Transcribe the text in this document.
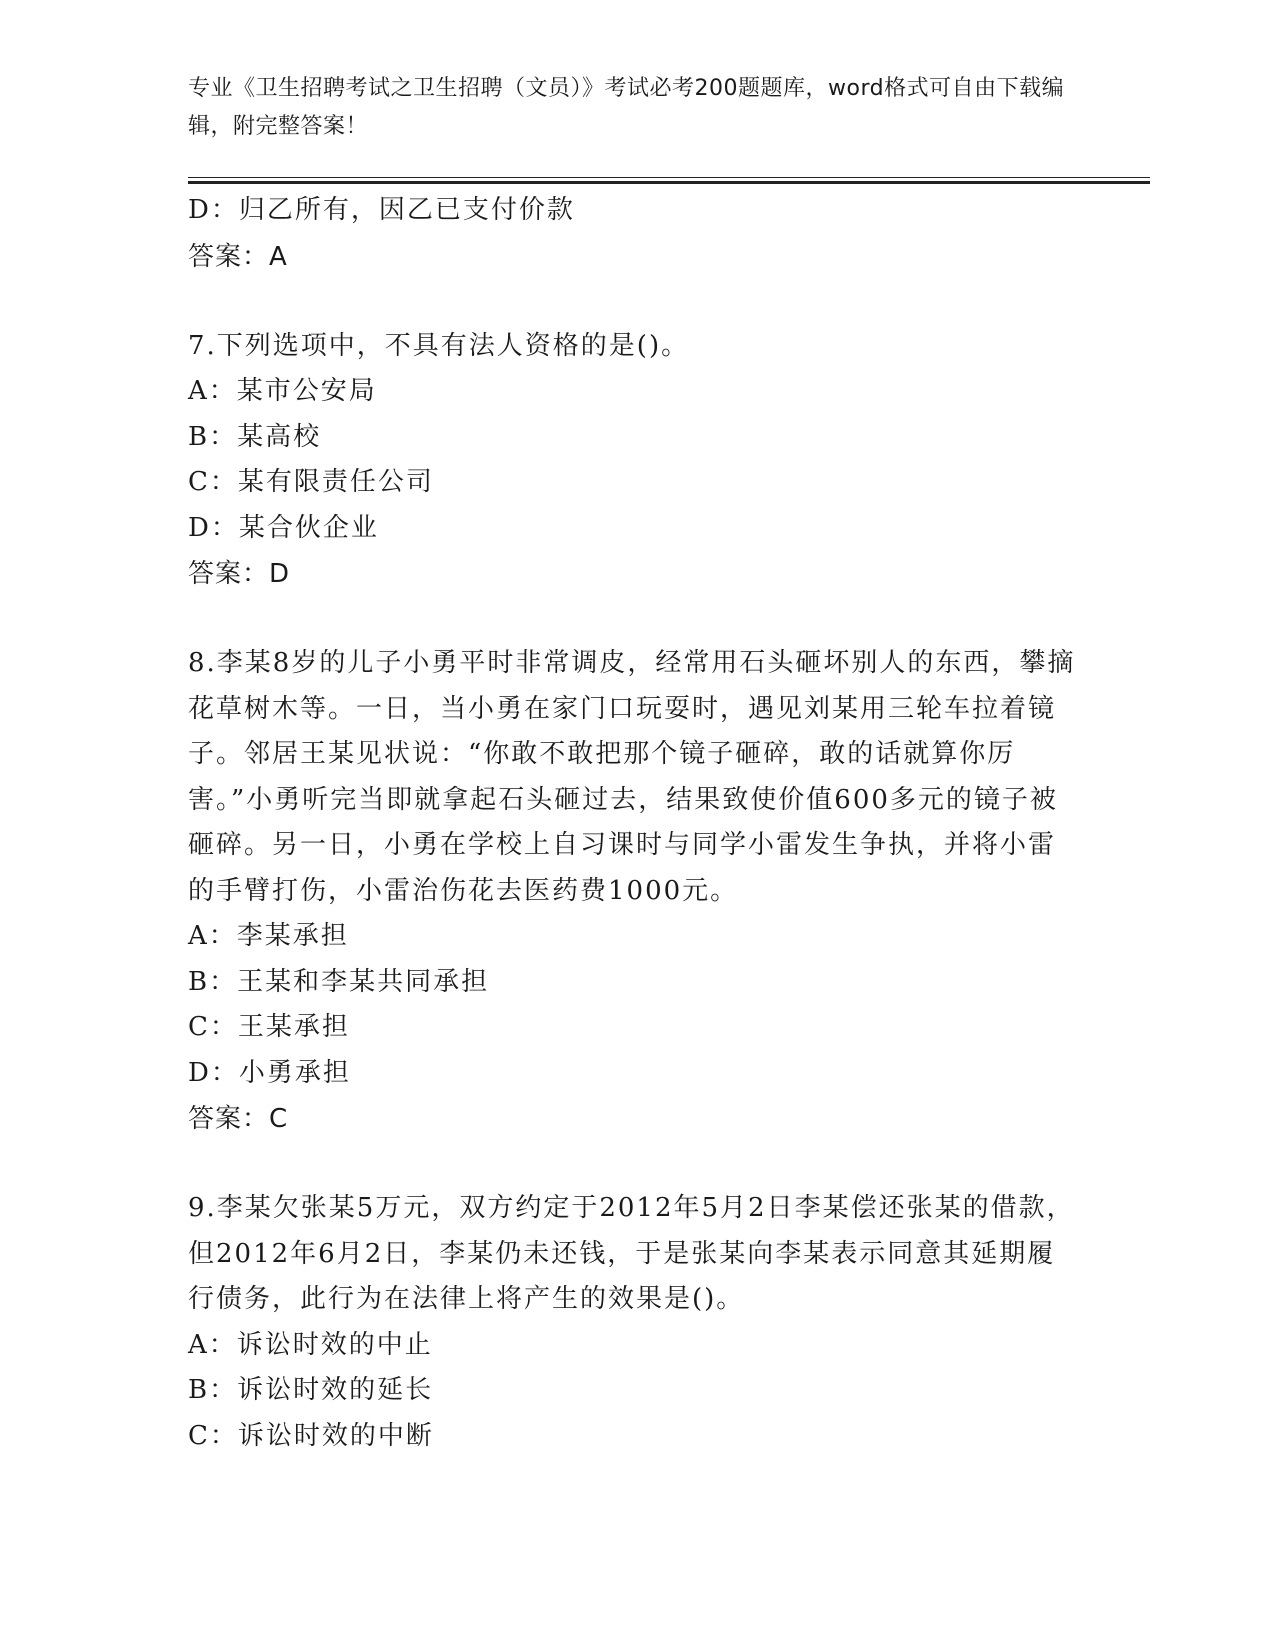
专业《卫生招聘考试之卫生招聘（文员）》考试必考200题题库，word格式可自由下载编辑，附完整答案！
D：归乙所有，因乙已支付价款
答案：A
7.下列选项中，不具有法人资格的是()。
A：某市公安局
B：某高校
C：某有限责任公司
D：某合伙企业
答案：D
8.李某8岁的儿子小勇平时非常调皮，经常用石头砸坏别人的东西，攀摘花草树木等。一日，当小勇在家门口玩耍时，遇见刘某用三轮车拉着镜子。邻居王某见状说：“你敢不敢把那个镜子砸碎，敢的话就算你厉害。”小勇听完当即就拿起石头砸过去，结果致使价值600多元的镜子被砸碎。另一日，小勇在学校上自习课时与同学小雷发生争执，并将小雷的手臂打伤，小雷治伤花去医药费1000元。
A：李某承担
B：王某和李某共同承担
C：王某承担
D：小勇承担
答案：C
9.李某欠张某5万元，双方约定于2012年5月2日李某偿还张某的借款，但2012年6月2日，李某仍未还钱，于是张某向李某表示同意其延期履行债务，此行为在法律上将产生的效果是()。
A：诉讼时效的中止
B：诉讼时效的延长
C：诉讼时效的中断
